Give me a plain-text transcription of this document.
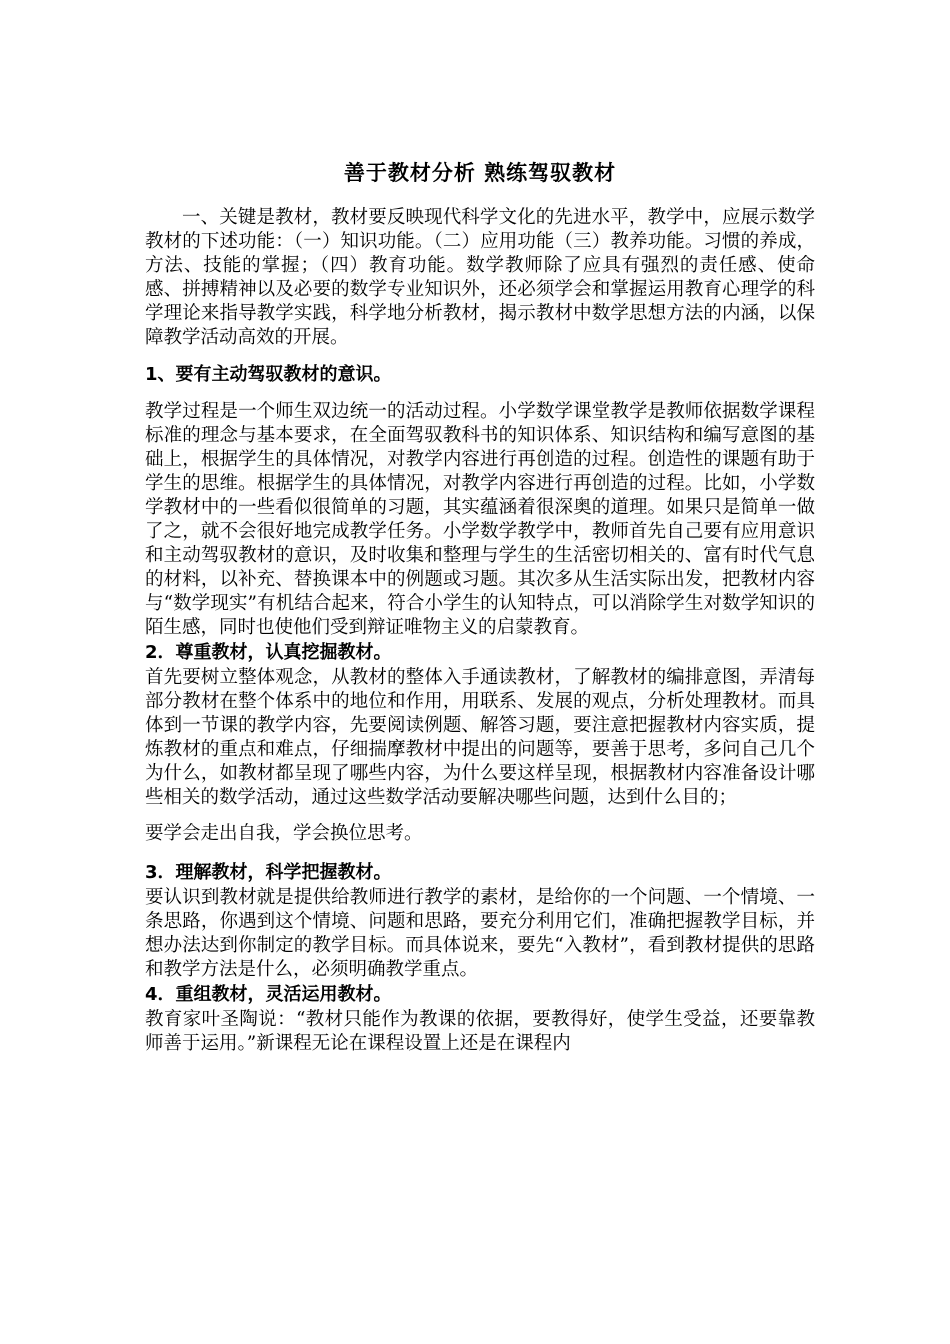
善于教材分析 熟练驾驭教材

一、关键是教材，教材要反映现代科学文化的先进水平，教学中，应展示数学教材的下述功能：（一）知识功能。（二）应用功能（三）教养功能。习惯的养成，方法、技能的掌握；（四）教育功能。数学教师除了应具有强烈的责任感、使命感、拼搏精神以及必要的数学专业知识外，还必须学会和掌握运用教育心理学的科学理论来指导教学实践，科学地分析教材，揭示教材中数学思想方法的内涵，以保障教学活动高效的开展。

1、要有主动驾驭教材的意识。

教学过程是一个师生双边统一的活动过程。小学数学课堂教学是教师依据数学课程标准的理念与基本要求，在全面驾驭教科书的知识体系、知识结构和编写意图的基础上，根据学生的具体情况，对教学内容进行再创造的过程。创造性的课题有助于学生的思维。根据学生的具体情况，对教学内容进行再创造的过程。比如，小学数学教材中的一些看似很简单的习题，其实蕴涵着很深奥的道理。如果只是简单一做了之，就不会很好地完成教学任务。小学数学教学中，教师首先自己要有应用意识和主动驾驭教材的意识，及时收集和整理与学生的生活密切相关的、富有时代气息的材料，以补充、替换课本中的例题或习题。其次多从生活实际出发，把教材内容与“数学现实”有机结合起来，符合小学生的认知特点，可以消除学生对数学知识的陌生感，同时也使他们受到辩证唯物主义的启蒙教育。

2．尊重教材，认真挖掘教材。

首先要树立整体观念，从教材的整体入手通读教材，了解教材的编排意图，弄清每部分教材在整个体系中的地位和作用，用联系、发展的观点，分析处理教材。而具体到一节课的教学内容，先要阅读例题、解答习题，要注意把握教材内容实质，提炼教材的重点和难点，仔细揣摩教材中提出的问题等，要善于思考，多问自己几个为什么，如教材都呈现了哪些内容，为什么要这样呈现，根据教材内容准备设计哪些相关的数学活动，通过这些数学活动要解决哪些问题，达到什么目的；

要学会走出自我，学会换位思考。

3．理解教材，科学把握教材。

要认识到教材就是提供给教师进行教学的素材，是给你的一个问题、一个情境、一条思路，你遇到这个情境、问题和思路，要充分利用它们，准确把握教学目标，并想办法达到你制定的教学目标。而具体说来，要先“入教材”，看到教材提供的思路和教学方法是什么，必须明确教学重点。

4．重组教材，灵活运用教材。

教育家叶圣陶说：“教材只能作为教课的依据，要教得好，使学生受益，还要靠教师善于运用。”新课程无论在课程设置上还是在课程内
